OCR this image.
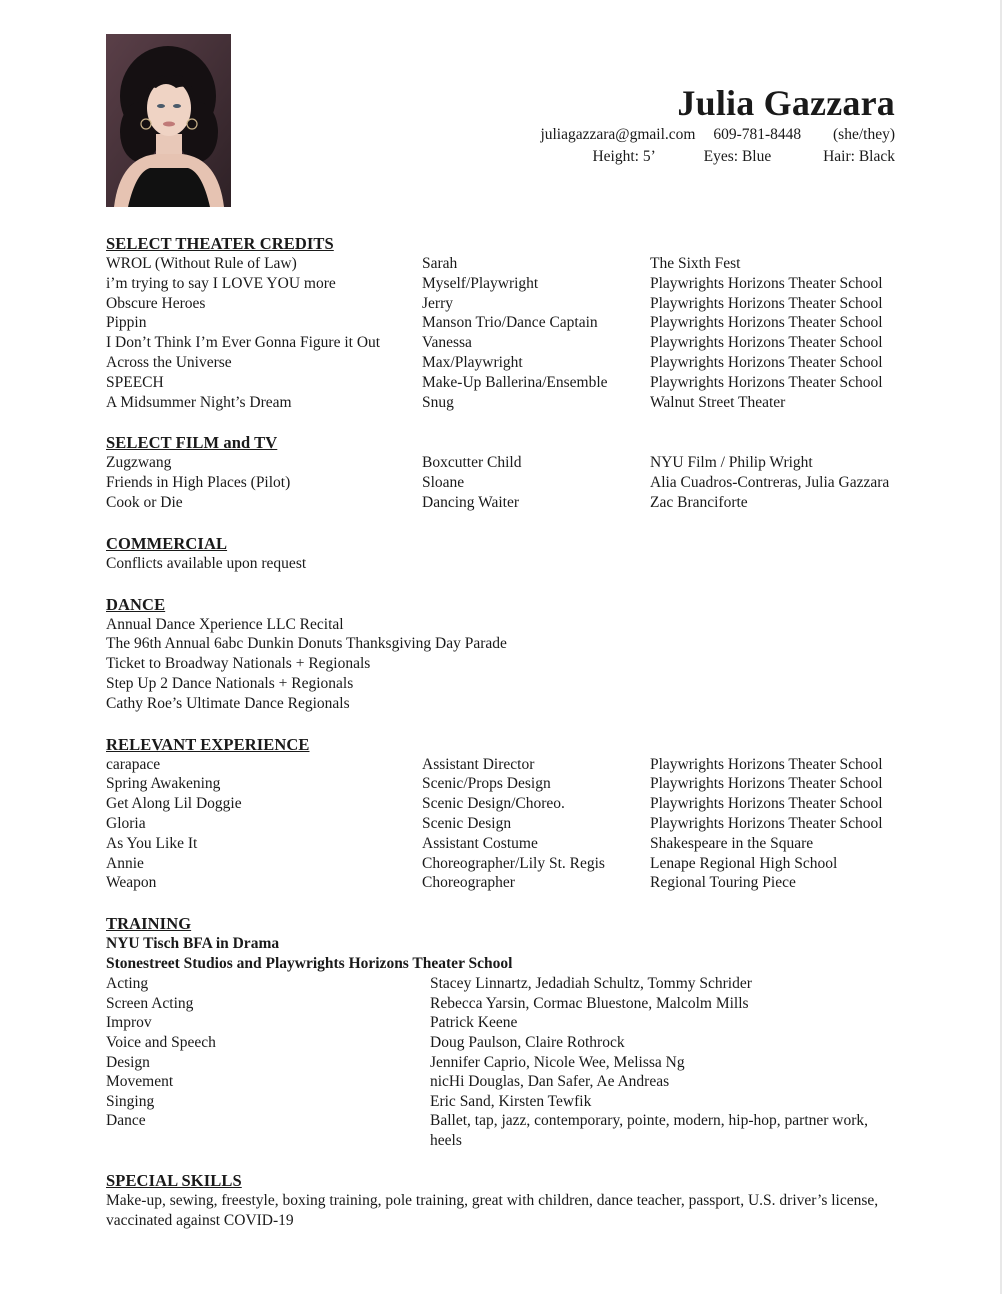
Julia Gazzara
juliagazzara@gmail.com 609-781-8448 (she/they)
Height: 5’	Eyes: Blue	Hair: Black
SELECT THEATER CREDITS
WROL (Without Rule of Law)	Sarah	The Sixth Fest
i’m trying to say I LOVE YOU more	Myself/Playwright	Playwrights Horizons Theater School
Obscure Heroes	Jerry	Playwrights Horizons Theater School
Pippin	Manson Trio/Dance Captain	Playwrights Horizons Theater School
I Don’t Think I’m Ever Gonna Figure it Out	Vanessa	Playwrights Horizons Theater School
Across the Universe	Max/Playwright	Playwrights Horizons Theater School
SPEECH	Make-Up Ballerina/Ensemble	Playwrights Horizons Theater School
A Midsummer Night’s Dream	Snug	Walnut Street Theater
SELECT FILM and TV
Zugzwang	Boxcutter Child	NYU Film / Philip Wright
Friends in High Places (Pilot)	Sloane	Alia Cuadros-Contreras, Julia Gazzara
Cook or Die	Dancing Waiter	Zac Branciforte
COMMERCIAL
Conflicts available upon request
DANCE
Annual Dance Xperience LLC Recital
The 96th Annual 6abc Dunkin Donuts Thanksgiving Day Parade
Ticket to Broadway Nationals + Regionals
Step Up 2 Dance Nationals + Regionals
Cathy Roe’s Ultimate Dance Regionals
RELEVANT EXPERIENCE
carapace	Assistant Director	Playwrights Horizons Theater School
Spring Awakening	Scenic/Props Design	Playwrights Horizons Theater School
Get Along Lil Doggie	Scenic Design/Choreo.	Playwrights Horizons Theater School
Gloria	Scenic Design	Playwrights Horizons Theater School
As You Like It	Assistant Costume	Shakespeare in the Square
Annie	Choreographer/Lily St. Regis	Lenape Regional High School
Weapon	Choreographer	Regional Touring Piece
TRAINING
NYU Tisch BFA in Drama
Stonestreet Studios and Playwrights Horizons Theater School
Acting	Stacey Linnartz, Jedadiah Schultz, Tommy Schrider
Screen Acting	Rebecca Yarsin, Cormac Bluestone, Malcolm Mills
Improv	Patrick Keene
Voice and Speech	Doug Paulson, Claire Rothrock
Design	Jennifer Caprio, Nicole Wee, Melissa Ng
Movement	nicHi Douglas, Dan Safer, Ae Andreas
Singing	Eric Sand, Kirsten Tewfik
Dance	Ballet, tap, jazz, contemporary, pointe, modern, hip-hop, partner work, heels
SPECIAL SKILLS
Make-up, sewing, freestyle, boxing training, pole training, great with children, dance teacher, passport, U.S. driver’s license, vaccinated against COVID-19
